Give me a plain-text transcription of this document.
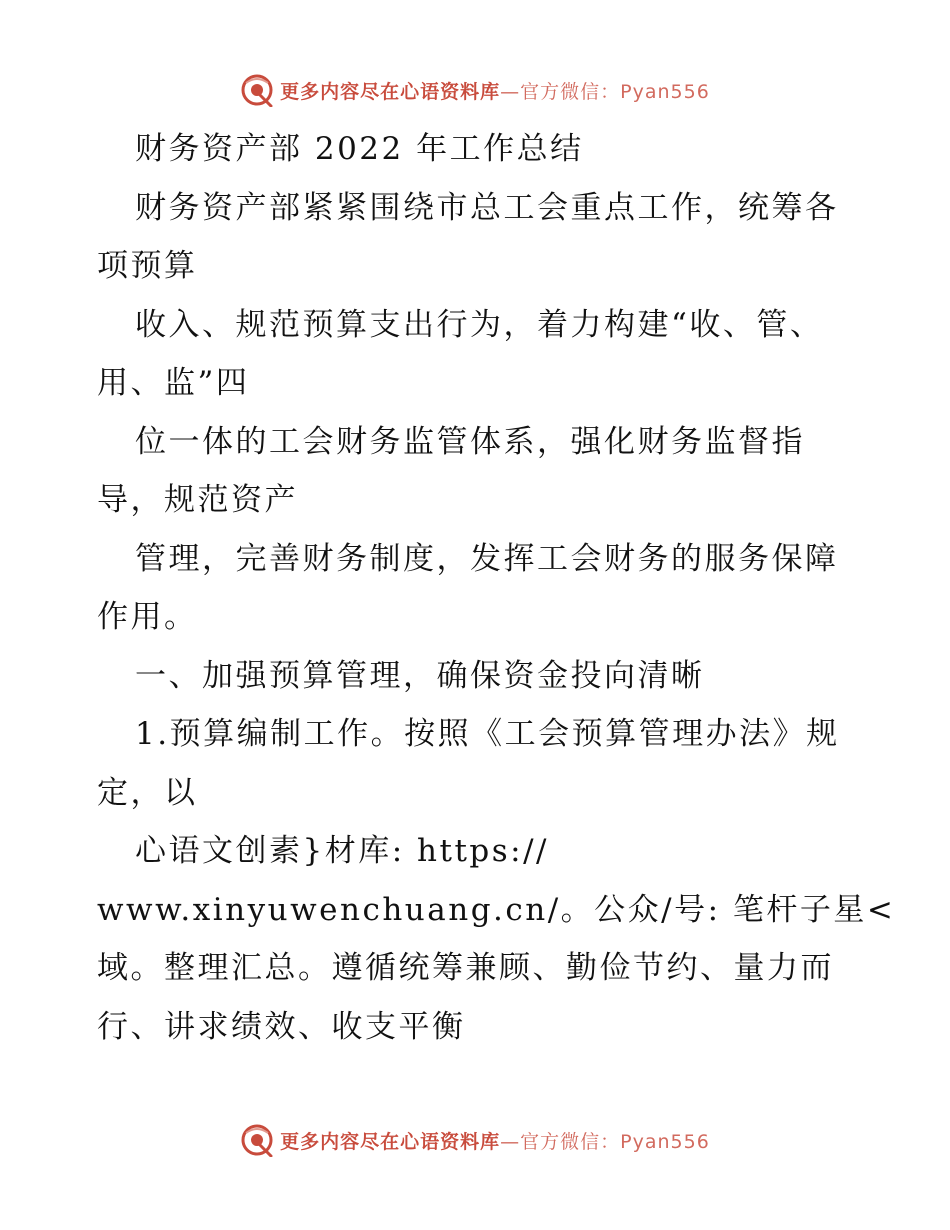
更多内容尽在心语资料库—官方微信：Pyan556

财务资产部 2022 年工作总结

财务资产部紧紧围绕市总工会重点工作，统筹各

项预算

收入、规范预算支出行为，着力构建“收、管、

用、监”四

位一体的工会财务监管体系，强化财务监督指

导，规范资产

管理，完善财务制度，发挥工会财务的服务保障

作用。

一、加强预算管理，确保资金投向清晰

1.预算编制工作。按照《工会预算管理办法》规

定，以

心语文创素}材库: https://

www.xinyuwenchuang.cn/。公众/号: 笔杆子星<

域。整理汇总。遵循统筹兼顾、勤俭节约、量力而

行、讲求绩效、收支平衡

更多内容尽在心语资料库—官方微信：Pyan556
